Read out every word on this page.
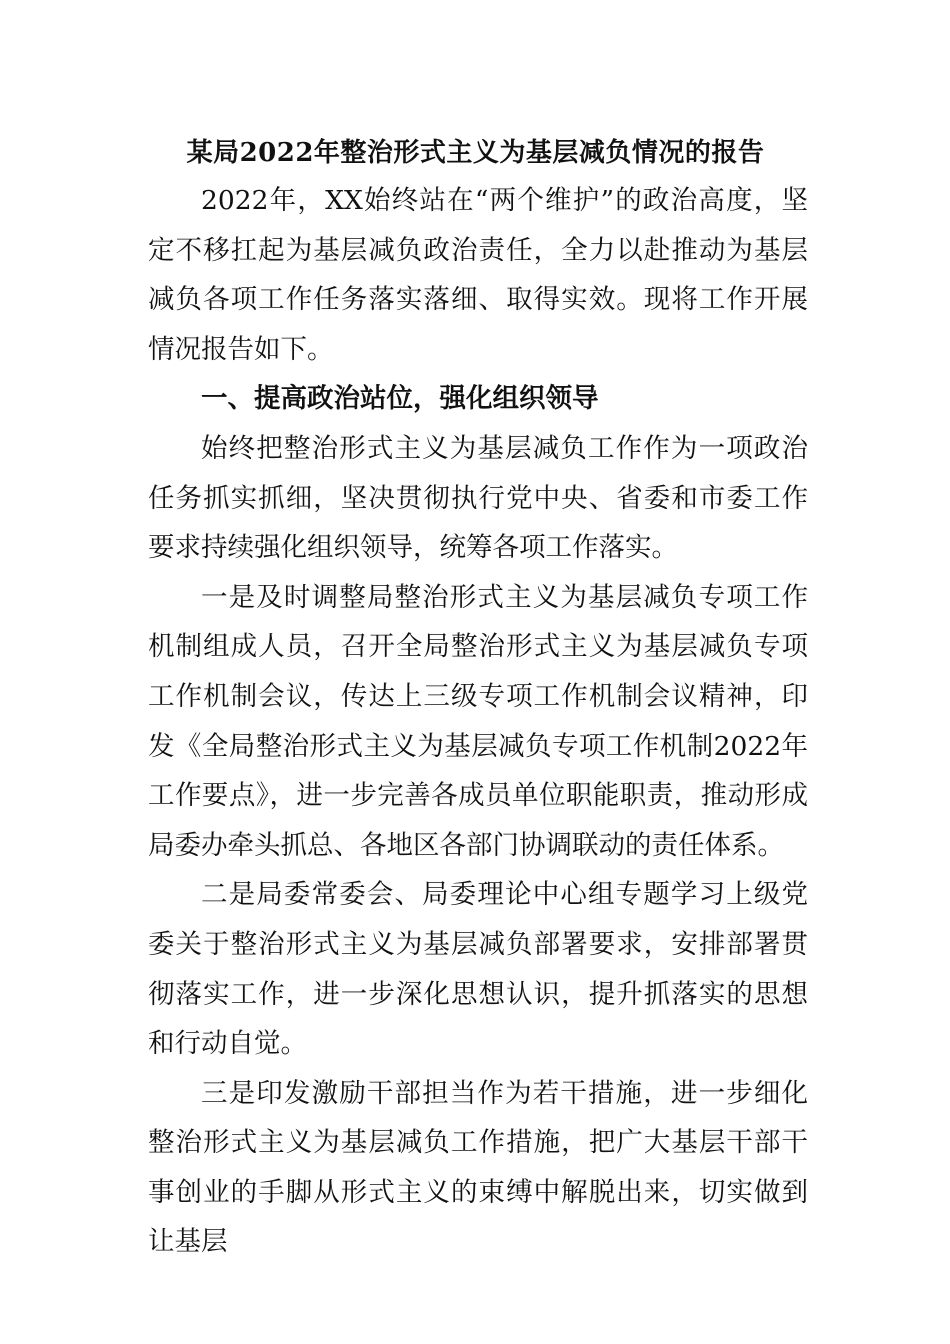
某局2022年整治形式主义为基层减负情况的报告

2022年，XX始终站在“两个维护”的政治高度，坚定不移扛起为基层减负政治责任，全力以赴推动为基层减负各项工作任务落实落细、取得实效。现将工作开展情况报告如下。

一、提高政治站位，强化组织领导

始终把整治形式主义为基层减负工作作为一项政治任务抓实抓细，坚决贯彻执行党中央、省委和市委工作要求持续强化组织领导，统筹各项工作落实。

一是及时调整局整治形式主义为基层减负专项工作机制组成人员，召开全局整治形式主义为基层减负专项工作机制会议，传达上三级专项工作机制会议精神，印发《全局整治形式主义为基层减负专项工作机制2022年工作要点》，进一步完善各成员单位职能职责，推动形成局委办牵头抓总、各地区各部门协调联动的责任体系。

二是局委常委会、局委理论中心组专题学习上级党委关于整治形式主义为基层减负部署要求，安排部署贯彻落实工作，进一步深化思想认识，提升抓落实的思想和行动自觉。

三是印发激励干部担当作为若干措施，进一步细化整治形式主义为基层减负工作措施，把广大基层干部干事创业的手脚从形式主义的束缚中解脱出来，切实做到让基层
